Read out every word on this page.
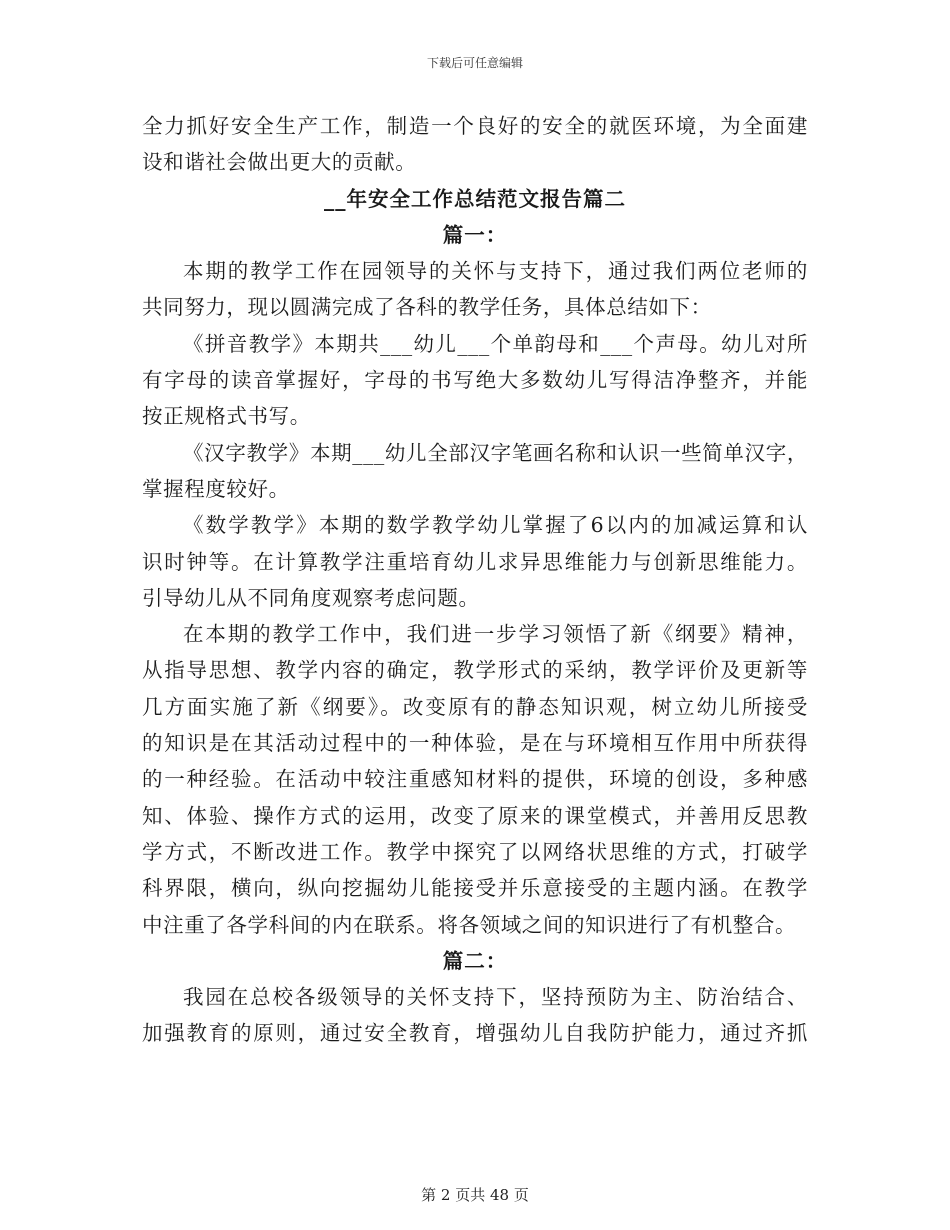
下载后可任意编辑
全力抓好安全生产工作，制造一个良好的安全的就医环境，为全面建
设和谐社会做出更大的贡献。
__年安全工作总结范文报告篇二
篇一：
本期的教学工作在园领导的关怀与支持下，通过我们两位老师的
共同努力，现以圆满完成了各科的教学任务，具体总结如下：
《拼音教学》本期共___幼儿___个单韵母和___个声母。幼儿对所
有字母的读音掌握好，字母的书写绝大多数幼儿写得洁净整齐，并能
按正规格式书写。
《汉字教学》本期___幼儿全部汉字笔画名称和认识一些简单汉字，
掌握程度较好。
《数学教学》本期的数学教学幼儿掌握了6以内的加减运算和认
识时钟等。在计算教学注重培育幼儿求异思维能力与创新思维能力。
引导幼儿从不同角度观察考虑问题。
在本期的教学工作中，我们进一步学习领悟了新《纲要》精神，
从指导思想、教学内容的确定，教学形式的采纳，教学评价及更新等
几方面实施了新《纲要》。改变原有的静态知识观，树立幼儿所接受
的知识是在其活动过程中的一种体验，是在与环境相互作用中所获得
的一种经验。在活动中较注重感知材料的提供，环境的创设，多种感
知、体验、操作方式的运用，改变了原来的课堂模式，并善用反思教
学方式，不断改进工作。教学中探究了以网络状思维的方式，打破学
科界限，横向，纵向挖掘幼儿能接受并乐意接受的主题内涵。在教学
中注重了各学科间的内在联系。将各领域之间的知识进行了有机整合。
篇二：
我园在总校各级领导的关怀支持下，坚持预防为主、防治结合、
加强教育的原则，通过安全教育，增强幼儿自我防护能力，通过齐抓
第 2 页共 48 页
